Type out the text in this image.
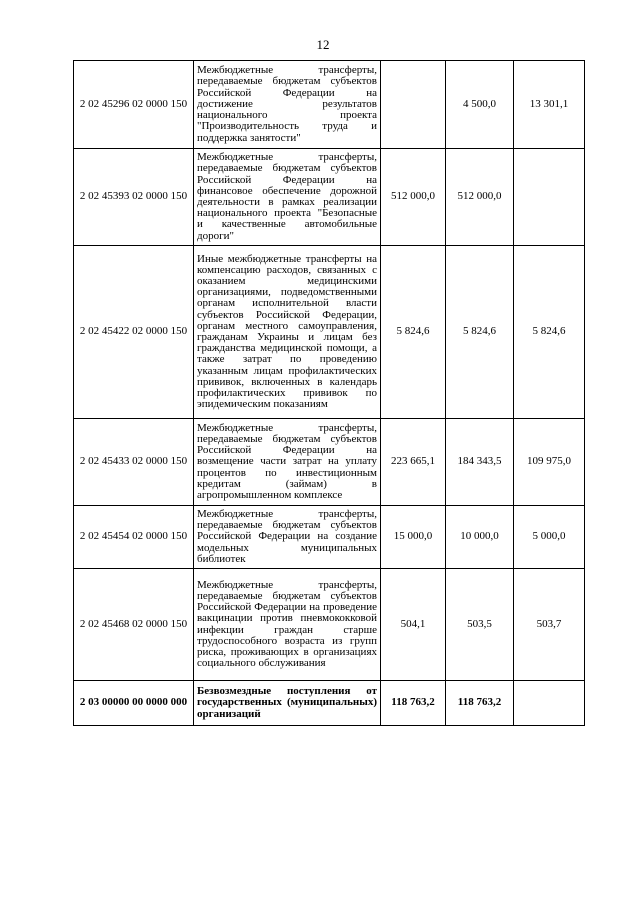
12
2 02 45296 02 0000 150	Межбюджетные трансферты, передаваемые бюджетам субъектов Российской Федерации на достижение результатов национального проекта "Производительность труда и поддержка занятости"		4 500,0	13 301,1
2 02 45393 02 0000 150	Межбюджетные трансферты, передаваемые бюджетам субъектов Российской Федерации на финансовое обеспечение дорожной деятельности в рамках реализации национального проекта "Безопасные и качественные автомобильные дороги"	512 000,0	512 000,0	
2 02 45422 02 0000 150	Иные межбюджетные трансферты на компенсацию расходов, связанных с оказанием медицинскими организациями, подведомственными органам исполнительной власти субъектов Российской Федерации, органам местного самоуправления, гражданам Украины и лицам без гражданства медицинской помощи, а также затрат по проведению указанным лицам профилактических прививок, включенных в календарь профилактических прививок по эпидемическим показаниям	5 824,6	5 824,6	5 824,6
2 02 45433 02 0000 150	Межбюджетные трансферты, передаваемые бюджетам субъектов Российской Федерации на возмещение части затрат на уплату процентов по инвестиционным кредитам (займам) в агропромышленном комплексе	223 665,1	184 343,5	109 975,0
2 02 45454 02 0000 150	Межбюджетные трансферты, передаваемые бюджетам субъектов Российской Федерации на создание модельных муниципальных библиотек	15 000,0	10 000,0	5 000,0
2 02 45468 02 0000 150	Межбюджетные трансферты, передаваемые бюджетам субъектов Российской Федерации на проведение вакцинации против пневмококковой инфекции граждан старше трудоспособного возраста из групп риска, проживающих в организациях социального обслуживания	504,1	503,5	503,7
2 03 00000 00 0000 000	Безвозмездные поступления от государственных (муниципальных) организаций	118 763,2	118 763,2	
